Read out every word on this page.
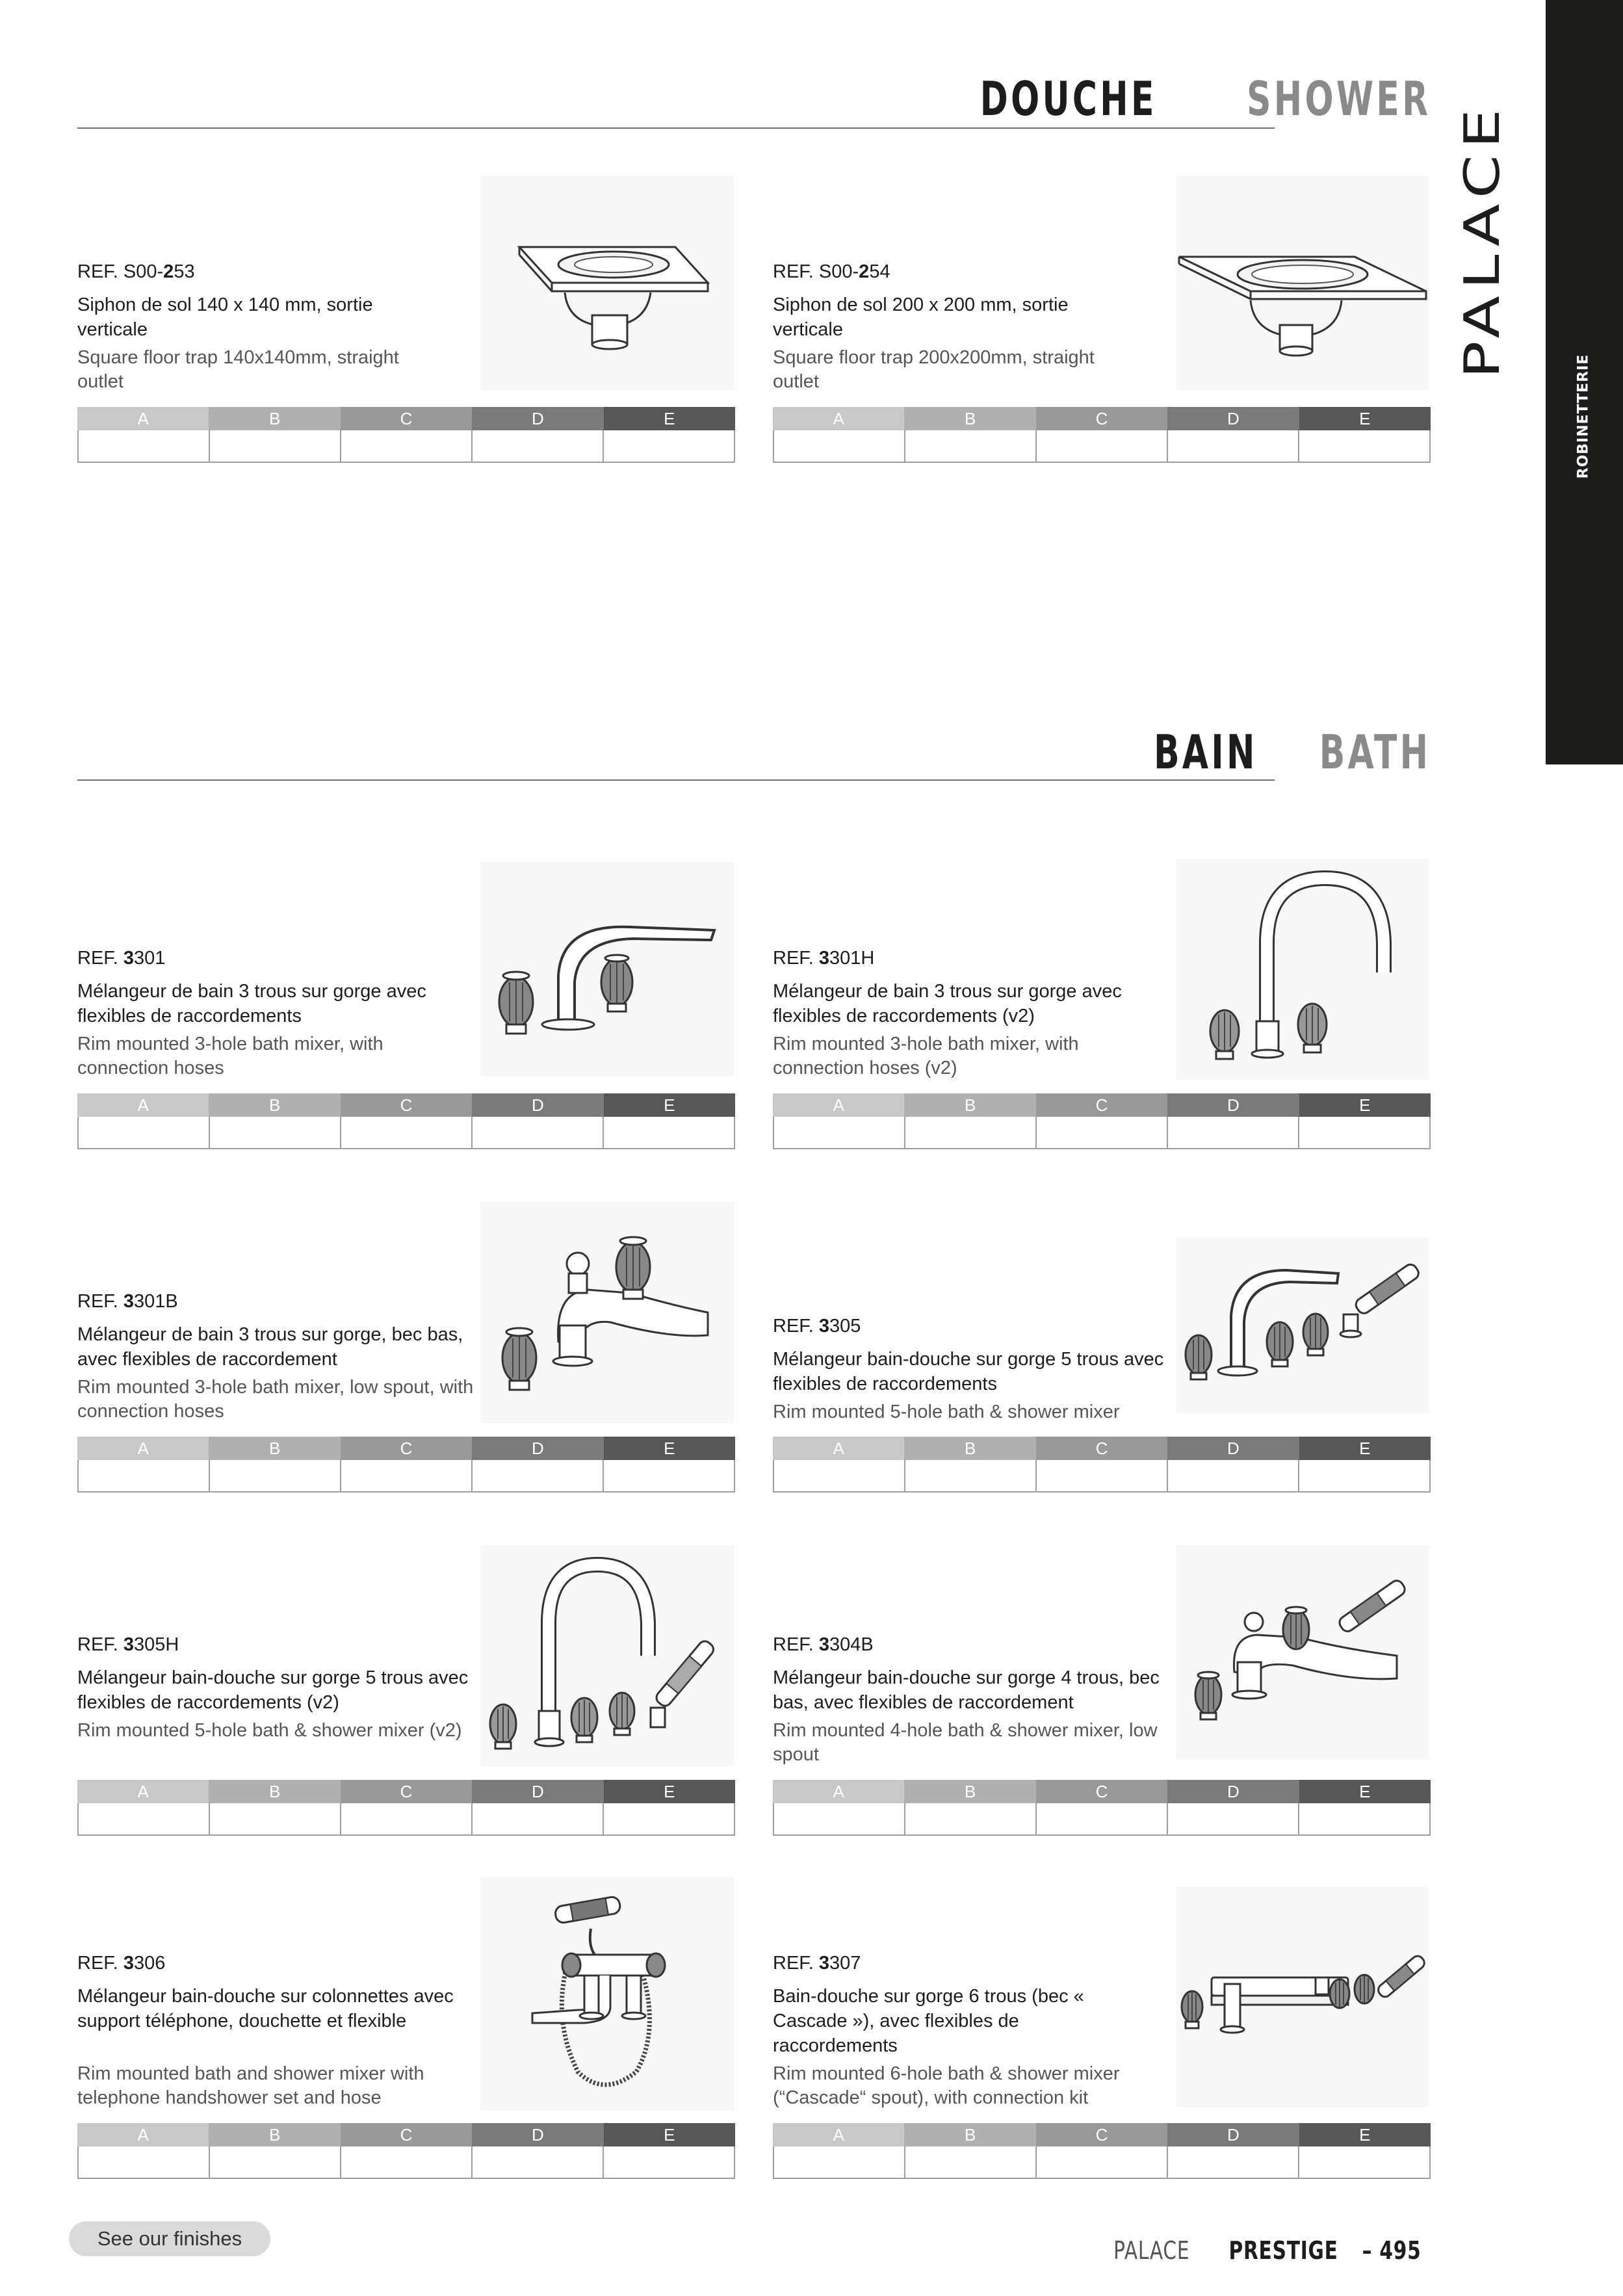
ROBINETTERIE
PALACE
DOUCHE SHOWER
BAIN BATH
REF. S00-253
Siphon de sol 140 x 140 mm, sortie verticale
Square floor trap 140x140mm, straight outlet
A	B	C	D	E
REF. S00-254
Siphon de sol 200 x 200 mm, sortie verticale
Square floor trap 200x200mm, straight outlet
A	B	C	D	E
REF. 3301
Mélangeur de bain 3 trous sur gorge avec flexibles de raccordements
Rim mounted 3-hole bath mixer, with connection hoses
A	B	C	D	E
REF. 3301H
Mélangeur de bain 3 trous sur gorge avec flexibles de raccordements (v2)
Rim mounted 3-hole bath mixer, with connection hoses (v2)
A	B	C	D	E
REF. 3301B
Mélangeur de bain 3 trous sur gorge, bec bas, avec flexibles de raccordement
Rim mounted 3-hole bath mixer, low spout, with connection hoses
A	B	C	D	E
REF. 3305
Mélangeur bain-douche sur gorge 5 trous avec flexibles de raccordements
Rim mounted 5-hole bath & shower mixer
A	B	C	D	E
REF. 3305H
Mélangeur bain-douche sur gorge 5 trous avec flexibles de raccordements (v2)
Rim mounted 5-hole bath & shower mixer (v2)
A	B	C	D	E
REF. 3304B
Mélangeur bain-douche sur gorge 4 trous, bec bas, avec flexibles de raccordement
Rim mounted 4-hole bath & shower mixer, low spout
A	B	C	D	E
REF. 3306
Mélangeur bain-douche sur colonnettes avec support téléphone, douchette et flexible
Rim mounted bath and shower mixer with telephone handshower set and hose
A	B	C	D	E
REF. 3307
Bain-douche sur gorge 6 trous (bec « Cascade »), avec flexibles de raccordements
Rim mounted 6-hole bath & shower mixer (“Cascade“ spout), with connection kit
A	B	C	D	E
See our finishes	PALACE PRESTIGE – 495
